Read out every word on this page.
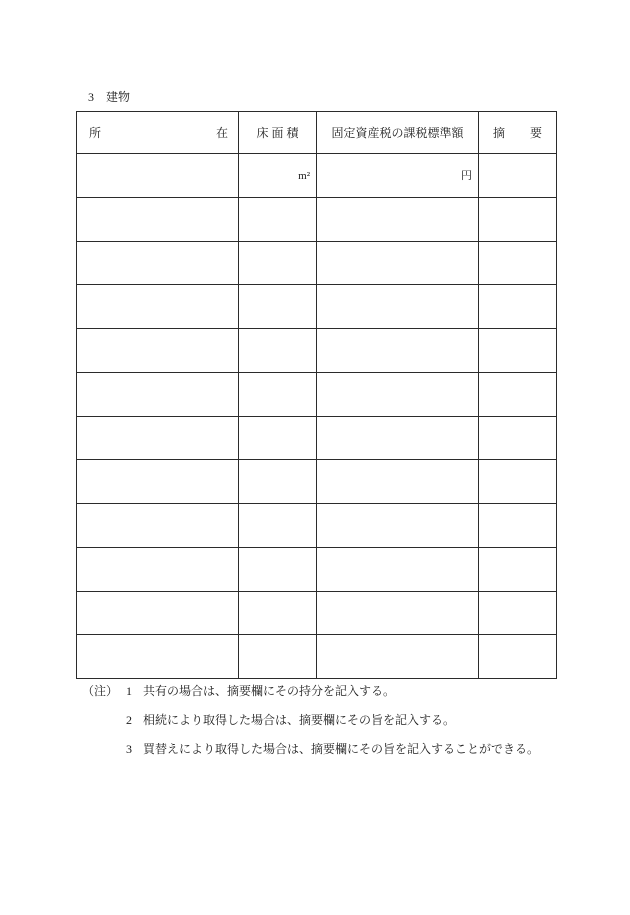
3 建物
所 在	床 面 積	固定資産税の課税標準額	摘 要

	m²	円	

（注） 1 共有の場合は、摘要欄にその持分を記入する。
2 相続により取得した場合は、摘要欄にその旨を記入する。
3 買替えにより取得した場合は、摘要欄にその旨を記入することができる。
